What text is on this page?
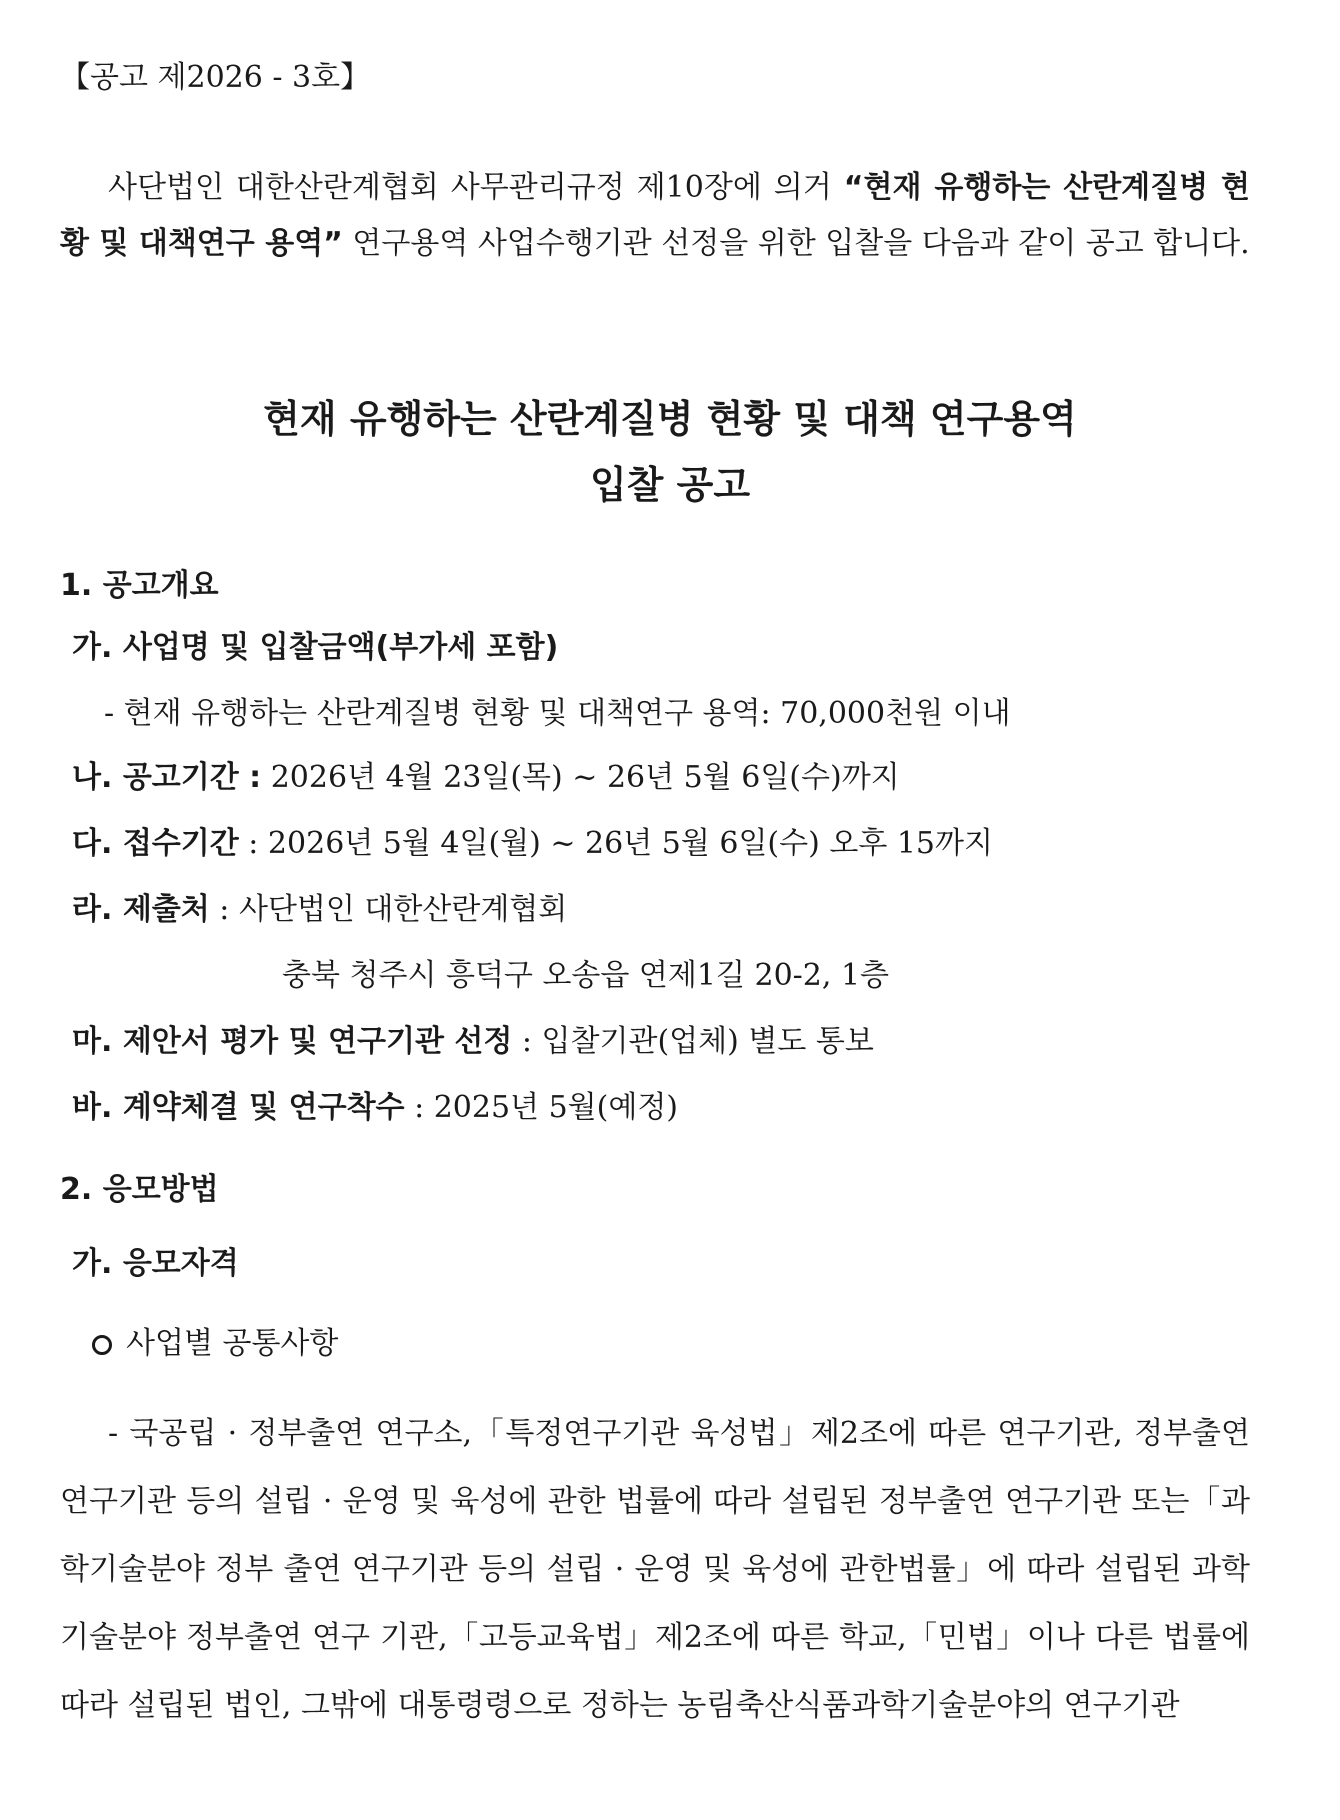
【공고 제2026 - 3호】
사단법인 대한산란계협회 사무관리규정 제10장에 의거 “현재 유행하는 산란계질병 현황 및 대책연구 용역” 연구용역 사업수행기관 선정을 위한 입찰을 다음과 같이 공고 합니다.
현재 유행하는 산란계질병 현황 및 대책 연구용역
입찰 공고
1. 공고개요
가. 사업명 및 입찰금액(부가세 포함)
- 현재 유행하는 산란계질병 현황 및 대책연구 용역: 70,000천원 이내
나. 공고기간 : 2026년 4월 23일(목) ~ 26년 5월 6일(수)까지
다. 접수기간 : 2026년 5월 4일(월) ~ 26년 5월 6일(수) 오후 15까지
라. 제출처 : 사단법인 대한산란계협회
충북 청주시 흥덕구 오송읍 연제1길 20-2, 1층
마. 제안서 평가 및 연구기관 선정 : 입찰기관(업체) 별도 통보
바. 계약체결 및 연구착수 : 2025년 5월(예정)
2. 응모방법
가. 응모자격
사업별 공통사항
- 국공립 · 정부출연 연구소,「특정연구기관 육성법」제2조에 따른 연구기관, 정부출연 연구기관 등의 설립 · 운영 및 육성에 관한 법률에 따라 설립된 정부출연 연구기관 또는「과학기술분야 정부 출연 연구기관 등의 설립 · 운영 및 육성에 관한법률」에 따라 설립된 과학기술분야 정부출연 연구 기관,「고등교육법」제2조에 따른 학교,「민법」이나 다른 법률에 따라 설립된 법인, 그밖에 대통령령으로 정하는 농림축산식품과학기술분야의 연구기관
